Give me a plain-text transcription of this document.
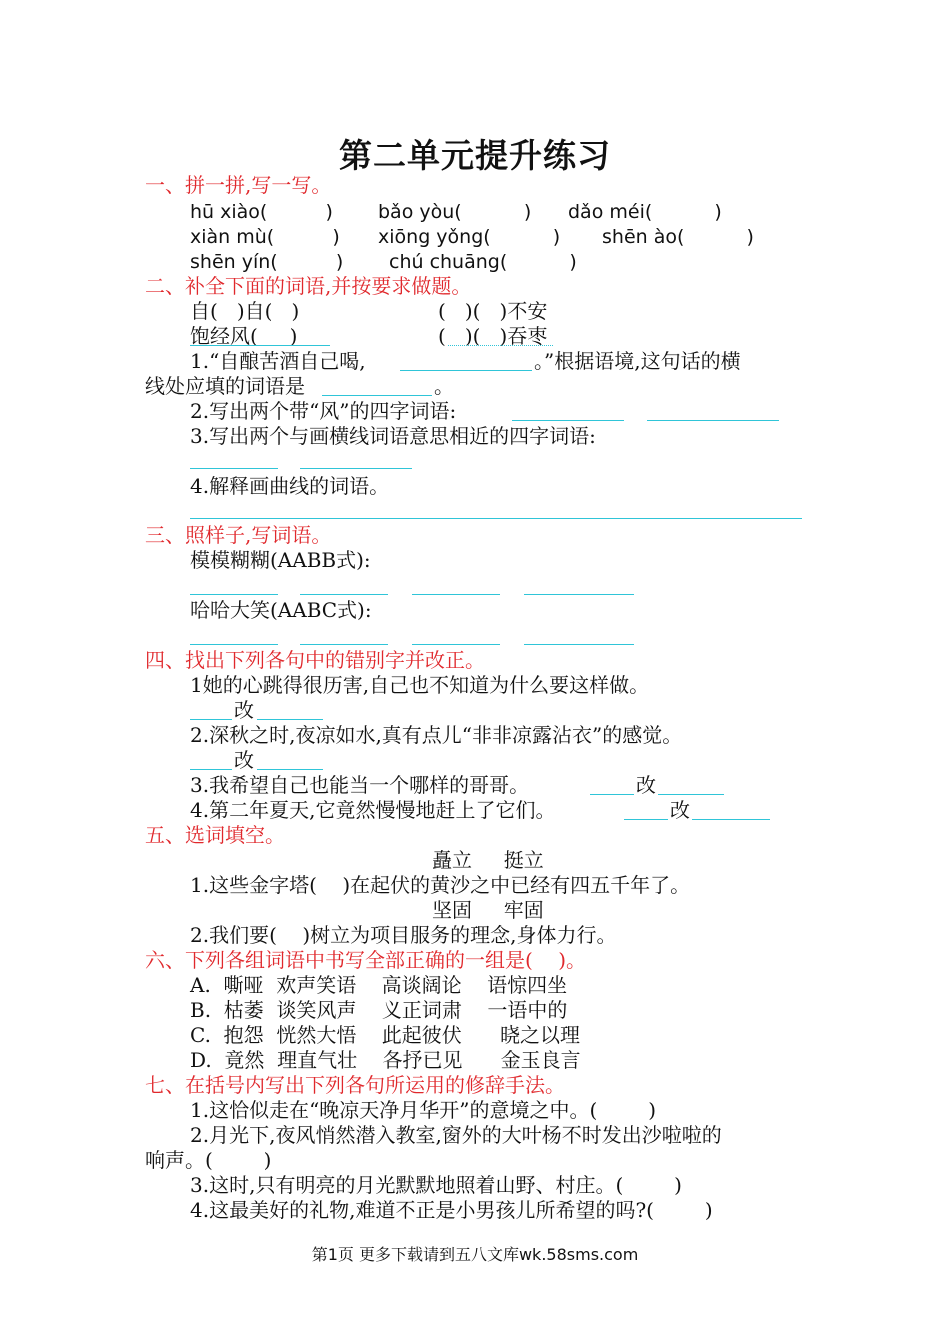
第二单元提升练习
一、拼一拼,写一写。
hū xiào(   ) bǎo yòu(   ) dǎo méi(   )
xiàn mù(   ) xiōng yǒng(   ) shēn ào(   )
shēn yín(   ) chú chuāng(   )
二、补全下面的词语,并按要求做题。
自(   )自(   )	(   )(   )不安
饱经风(     )	(   )(   )吞枣
1.“自酿苦酒自己喝,	。”根据语境,这句话的横
线处应填的词语是	。
2.写出两个带“风”的四字词语:
3.写出两个与画横线词语意思相近的四字词语:
4.解释画曲线的词语。
三、照样子,写词语。
模模糊糊(AABB式):
哈哈大笑(AABC式):
四、找出下列各句中的错别字并改正。
1她的心跳得很历害,自己也不知道为什么要这样做。
改
2.深秋之时,夜凉如水,真有点儿“非非凉露沾衣”的感觉。
改
3.我希望自己也能当一个哪样的哥哥。	改
4.第二年夏天,它竟然慢慢地赶上了它们。	改
五、选词填空。
矗立     挺立
1.这些金字塔(    )在起伏的黄沙之中已经有四五千年了。
坚固     牢固
2.我们要(    )树立为项目服务的理念,身体力行。
六、下列各组词语中书写全部正确的一组是(    )。
A.  嘶哑  欢声笑语    高谈阔论    语惊四坐
B.  枯萎  谈笑风声    义正词肃    一语中的
C.  抱怨  恍然大悟    此起彼伏      晓之以理
D.  竟然  理直气壮    各抒已见      金玉良言
七、在括号内写出下列各句所运用的修辞手法。
1.这恰似走在“晚凉天净月华开”的意境之中。(        )
2.月光下,夜风悄然潜入教室,窗外的大叶杨不时发出沙啦啦的
响声。(        )
3.这时,只有明亮的月光默默地照着山野、村庄。(        )
4.这最美好的礼物,难道不正是小男孩儿所希望的吗?(        )
第1页 更多下载请到五八文库wk.58sms.com
